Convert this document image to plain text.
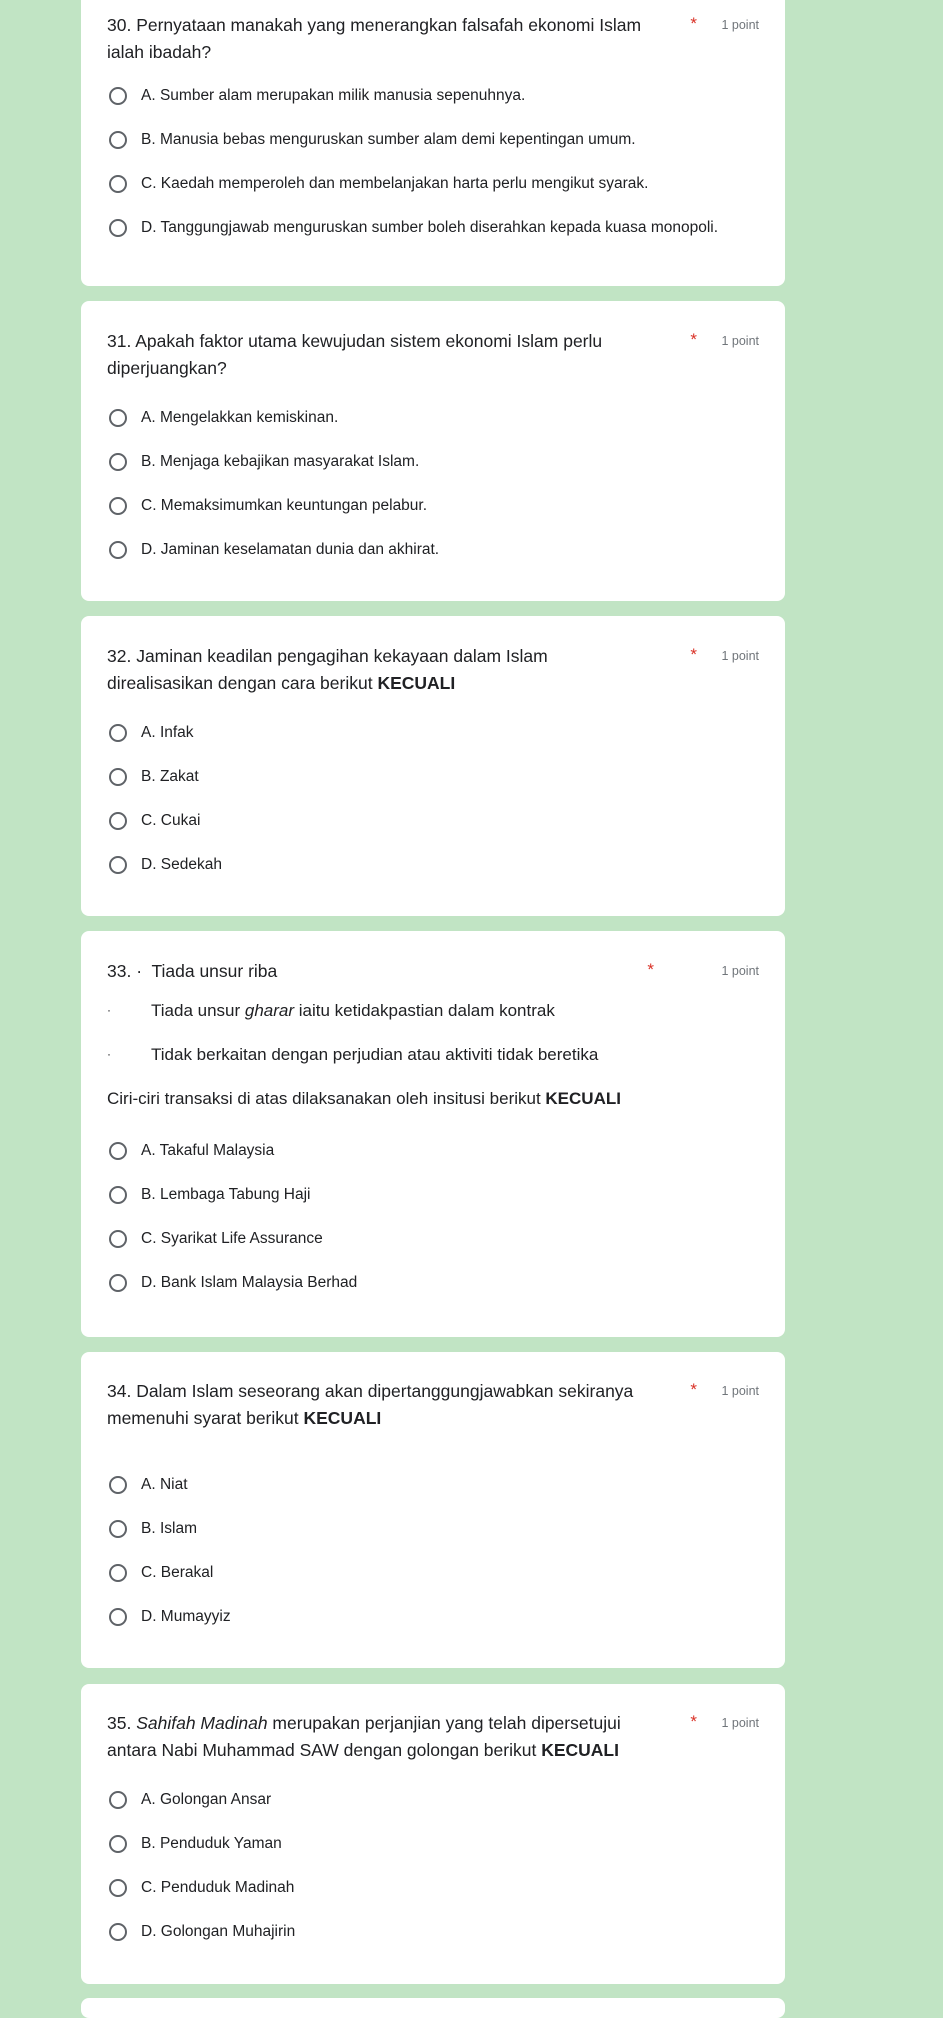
30. Pernyataan manakah yang menerangkan falsafah ekonomi Islam ialah ibadah?
* 1 point
A. Sumber alam merupakan milik manusia sepenuhnya.
B. Manusia bebas menguruskan sumber alam demi kepentingan umum.
C. Kaedah memperoleh dan membelanjakan harta perlu mengikut syarak.
D. Tanggungjawab menguruskan sumber boleh diserahkan kepada kuasa monopoli.
31. Apakah faktor utama kewujudan sistem ekonomi Islam perlu diperjuangkan?
* 1 point
A. Mengelakkan kemiskinan.
B. Menjaga kebajikan masyarakat Islam.
C. Memaksimumkan keuntungan pelabur.
D. Jaminan keselamatan dunia dan akhirat.
32. Jaminan keadilan pengagihan kekayaan dalam Islam direalisasikan dengan cara berikut KECUALI
* 1 point
A. Infak
B. Zakat
C. Cukai
D. Sedekah
33. · Tiada unsur riba	*	1 point
·	Tiada unsur gharar iaitu ketidakpastian dalam kontrak
·	Tidak berkaitan dengan perjudian atau aktiviti tidak beretika
Ciri-ciri transaksi di atas dilaksanakan oleh insitusi berikut KECUALI
A. Takaful Malaysia
B. Lembaga Tabung Haji
C. Syarikat Life Assurance
D. Bank Islam Malaysia Berhad
34. Dalam Islam seseorang akan dipertanggungjawabkan sekiranya memenuhi syarat berikut KECUALI
* 1 point
A. Niat
B. Islam
C. Berakal
D. Mumayyiz
35. Sahifah Madinah merupakan perjanjian yang telah dipersetujui antara Nabi Muhammad SAW dengan golongan berikut KECUALI
* 1 point
A. Golongan Ansar
B. Penduduk Yaman
C. Penduduk Madinah
D. Golongan Muhajirin
